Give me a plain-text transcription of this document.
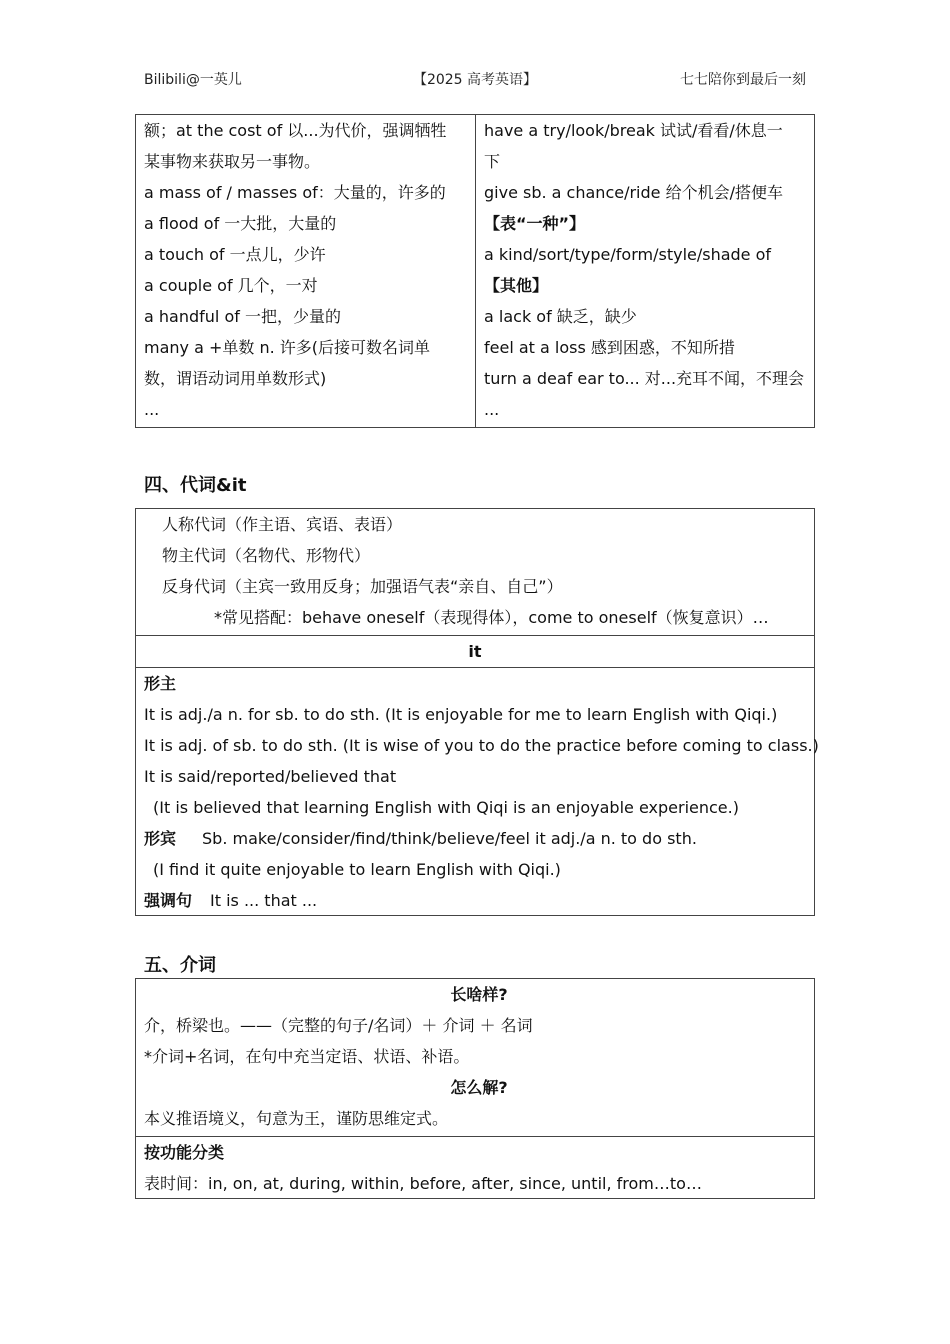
Bilibili@一英儿	【2025 高考英语】	七七陪你到最后一刻
额；at the cost of 以...为代价，强调牺牲
某事物来获取另一事物。
a mass of / masses of：大量的，许多的
a flood of 一大批，大量的
a touch of 一点儿，少许
a couple of 几个，一对
a handful of 一把，少量的
many a +单数 n. 许多(后接可数名词单
数，谓语动词用单数形式)
...
have a try/look/break 试试/看看/休息一
下
give sb. a chance/ride 给个机会/搭便车
【表“一种”】
a kind/sort/type/form/style/shade of
【其他】
a lack of 缺乏，缺少
feel at a loss 感到困惑，不知所措
turn a deaf ear to... 对...充耳不闻，不理会
...
四、代词&it
人称代词（作主语、宾语、表语）
物主代词（名物代、形物代）
反身代词（主宾一致用反身；加强语气表“亲自、自己”）
*常见搭配：behave oneself（表现得体），come to oneself（恢复意识）…
it
形主
It is adj./a n. for sb. to do sth. (It is enjoyable for me to learn English with Qiqi.)
It is adj. of sb. to do sth. (It is wise of you to do the practice before coming to class.)
It is said/reported/believed that
(It is believed that learning English with Qiqi is an enjoyable experience.)
形宾 Sb. make/consider/find/think/believe/feel it adj./a n. to do sth.
(I find it quite enjoyable to learn English with Qiqi.)
强调句 It is ... that ...
五、介词
长啥样?
介，桥梁也。——（完整的句子/名词）＋ 介词 ＋ 名词
*介词+名词，在句中充当定语、状语、补语。
怎么解?
本义推语境义，句意为王，谨防思维定式。
按功能分类
表时间：in, on, at, during, within, before, after, since, until, from…to…
